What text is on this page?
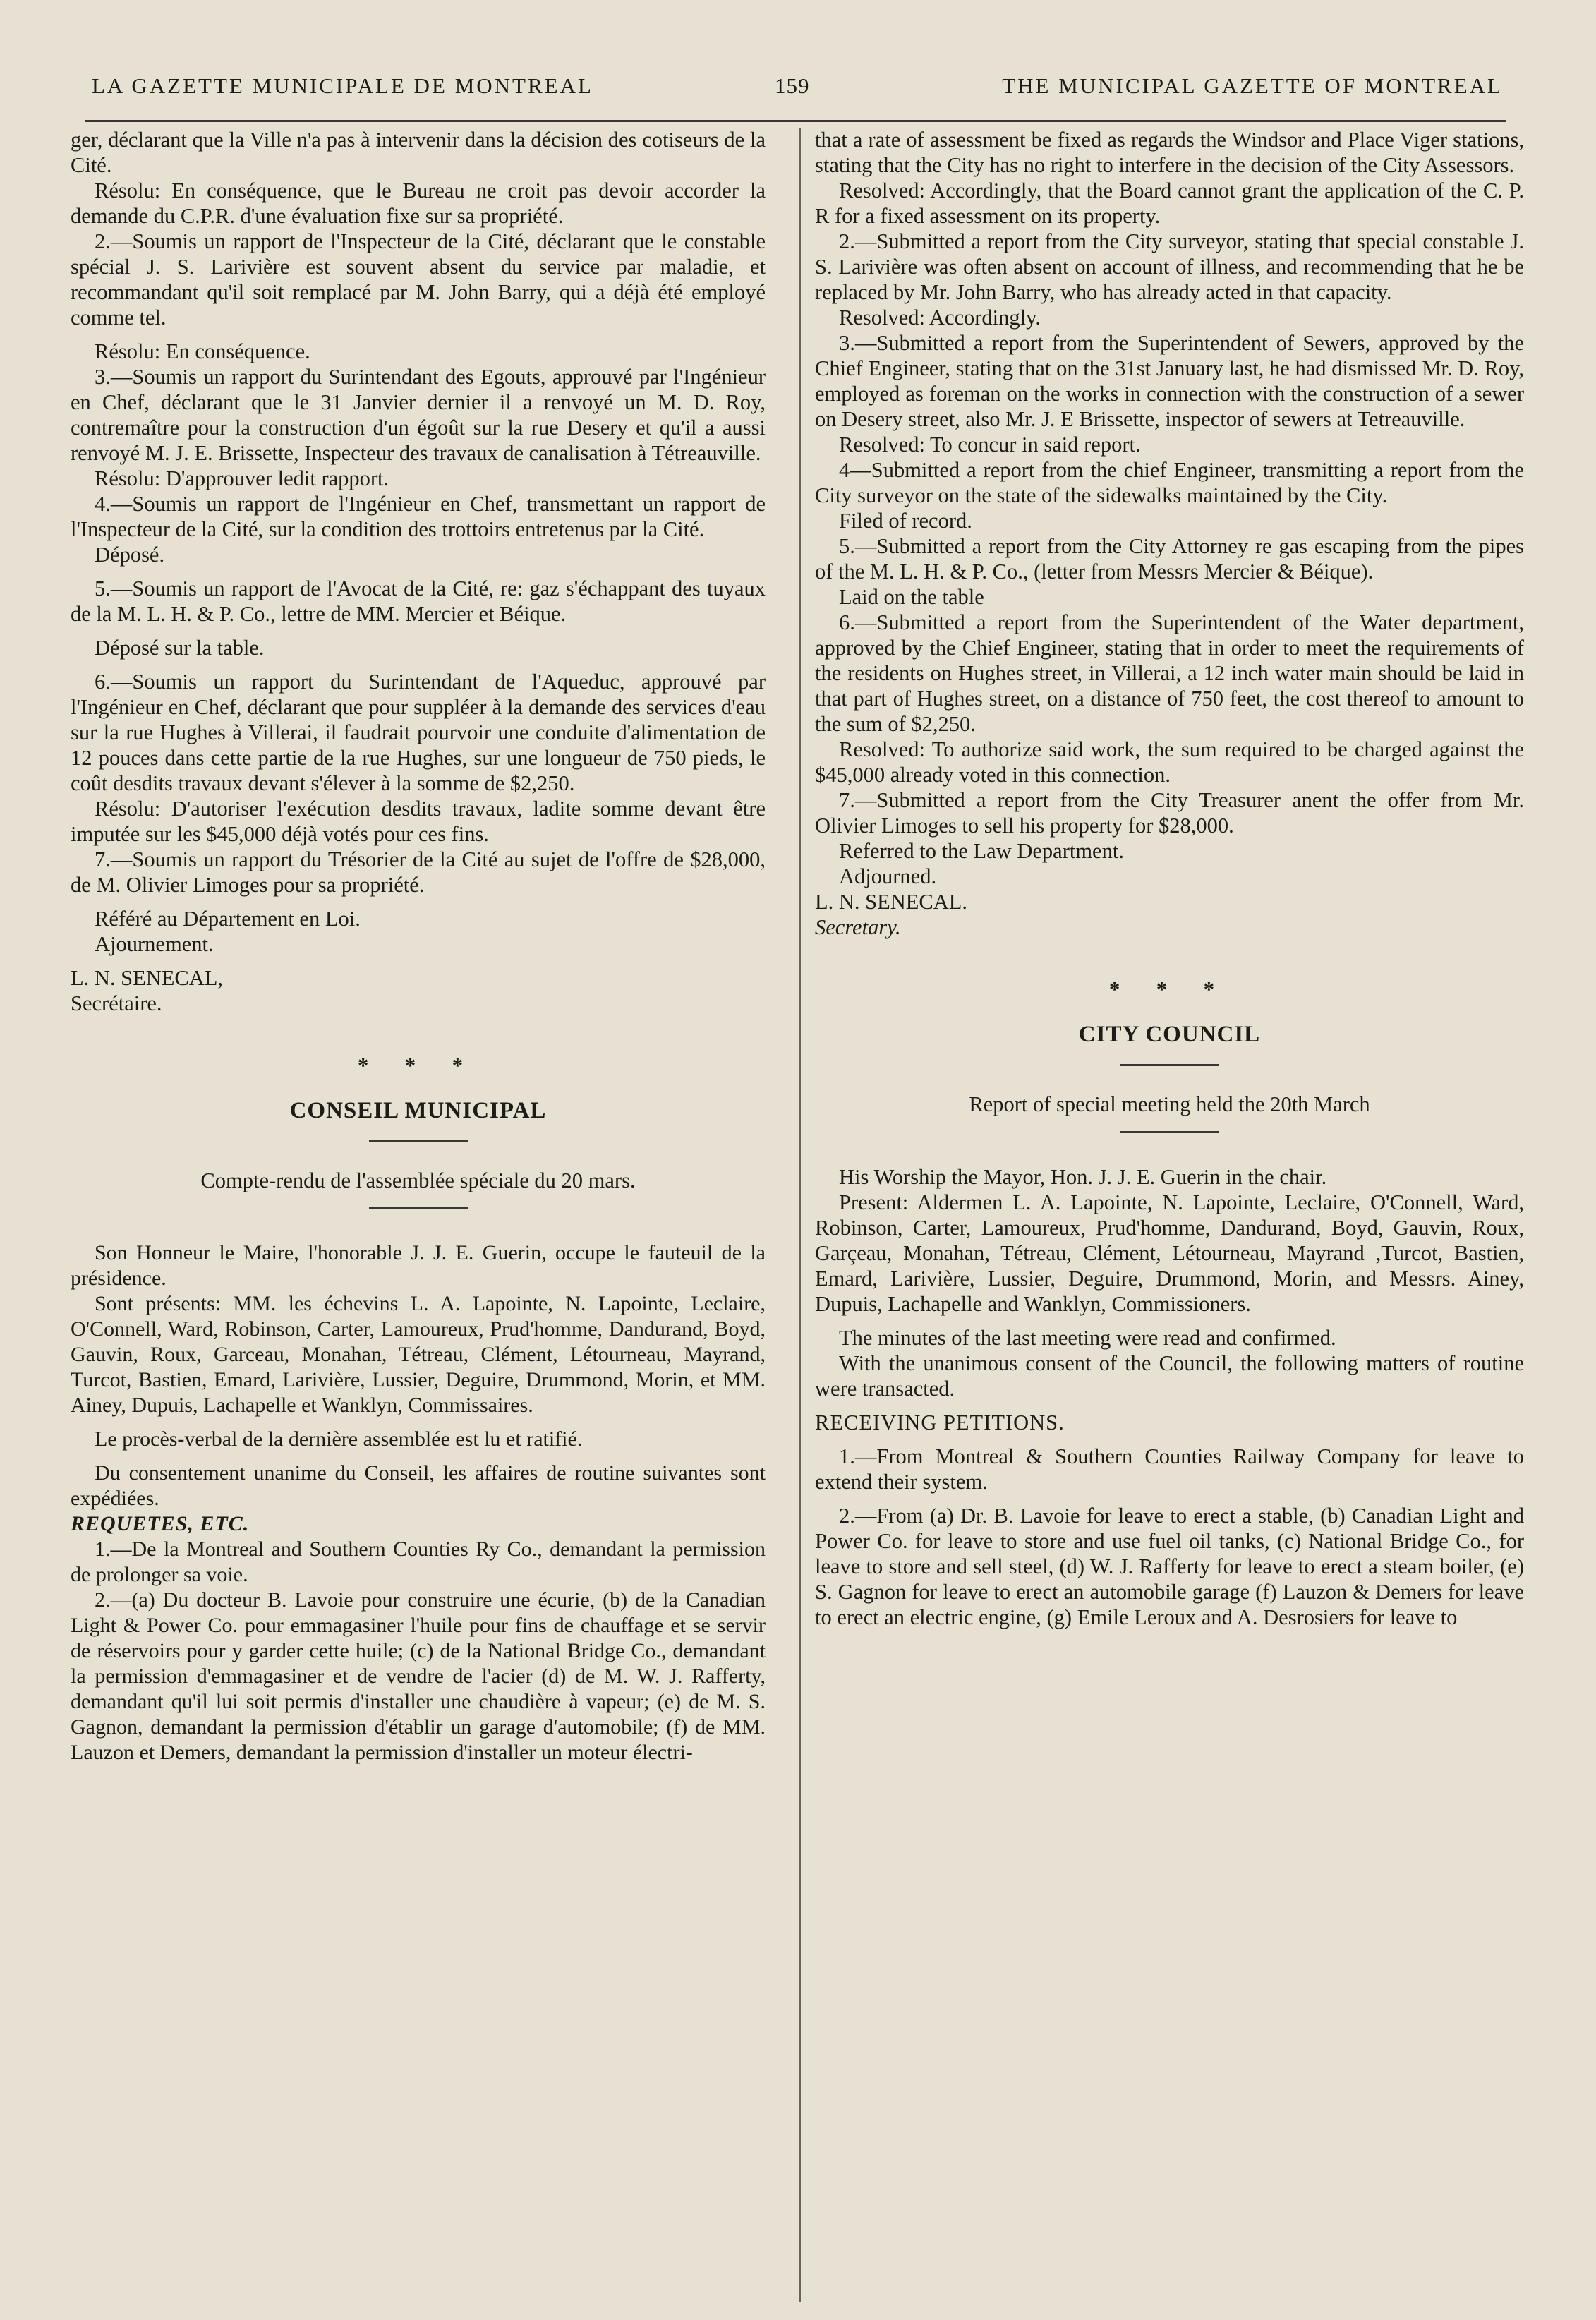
LA GAZETTE MUNICIPALE DE MONTREAL	159	THE MUNICIPAL GAZETTE OF MONTREAL

ger, déclarant que la Ville n'a pas à intervenir dans la décision des cotiseurs de la Cité.

Résolu: En conséquence, que le Bureau ne croit pas devoir accorder la demande du C.P.R. d'une évaluation fixe sur sa propriété.

2.—Soumis un rapport de l'Inspecteur de la Cité, déclarant que le constable spécial J. S. Larivière est souvent absent du service par maladie, et recommandant qu'il soit remplacé par M. John Barry, qui a déjà été employé comme tel.

Résolu: En conséquence.

3.—Soumis un rapport du Surintendant des Egouts, approuvé par l'Ingénieur en Chef, déclarant que le 31 Janvier dernier il a renvoyé un M. D. Roy, contremaître pour la construction d'un égoût sur la rue Desery et qu'il a aussi renvoyé M. J. E. Brissette, Inspecteur des travaux de canalisation à Tétreauville.

Résolu: D'approuver ledit rapport.

4.—Soumis un rapport de l'Ingénieur en Chef, transmettant un rapport de l'Inspecteur de la Cité, sur la condition des trottoirs entretenus par la Cité.

Déposé.

5.—Soumis un rapport de l'Avocat de la Cité, re: gaz s'échappant des tuyaux de la M. L. H. & P. Co., lettre de MM. Mercier et Béique.

Déposé sur la table.

6.—Soumis un rapport du Surintendant de l'Aqueduc, approuvé par l'Ingénieur en Chef, déclarant que pour suppléer à la demande des services d'eau sur la rue Hughes à Villerai, il faudrait pourvoir une conduite d'alimentation de 12 pouces dans cette partie de la rue Hughes, sur une longueur de 750 pieds, le coût desdits travaux devant s'élever à la somme de $2,250.

Résolu: D'autoriser l'exécution desdits travaux, ladite somme devant être imputée sur les $45,000 déjà votés pour ces fins.

7.—Soumis un rapport du Trésorier de la Cité au sujet de l'offre de $28,000, de M. Olivier Limoges pour sa propriété.

Référé au Département en Loi.

Ajournement.

L. N. SENECAL,

Secrétaire.

* * *
CONSEIL MUNICIPAL
Compte-rendu de l'assemblée spéciale du 20 mars.

Son Honneur le Maire, l'honorable J. J. E. Guerin, occupe le fauteuil de la présidence.

Sont présents: MM. les échevins L. A. Lapointe, N. Lapointe, Leclaire, O'Connell, Ward, Robinson, Carter, Lamoureux, Prud'homme, Dandurand, Boyd, Gauvin, Roux, Garceau, Monahan, Tétreau, Clément, Létourneau, Mayrand, Turcot, Bastien, Emard, Larivière, Lussier, Deguire, Drummond, Morin, et MM. Ainey, Dupuis, Lachapelle et Wanklyn, Commissaires.

Le procès-verbal de la dernière assemblée est lu et ratifié.

Du consentement unanime du Conseil, les affaires de routine suivantes sont expédiées.

REQUETES, ETC.

1.—De la Montreal and Southern Counties Ry Co., demandant la permission de prolonger sa voie.

2.—(a) Du docteur B. Lavoie pour construire une écurie, (b) de la Canadian Light & Power Co. pour emmagasiner l'huile pour fins de chauffage et se servir de réservoirs pour y garder cette huile; (c) de la National Bridge Co., demandant la permission d'emmagasiner et de vendre de l'acier (d) de M. W. J. Rafferty, demandant qu'il lui soit permis d'installer une chaudière à vapeur; (e) de M. S. Gagnon, demandant la permission d'établir un garage d'automobile; (f) de MM. Lauzon et Demers, demandant la permission d'installer un moteur électri-

that a rate of assessment be fixed as regards the Windsor and Place Viger stations, stating that the City has no right to interfere in the decision of the City Assessors.

Resolved: Accordingly, that the Board cannot grant the application of the C. P. R for a fixed assessment on its property.

2.—Submitted a report from the City surveyor, stating that special constable J. S. Larivière was often absent on account of illness, and recommending that he be replaced by Mr. John Barry, who has already acted in that capacity.

Resolved: Accordingly.

3.—Submitted a report from the Superintendent of Sewers, approved by the Chief Engineer, stating that on the 31st January last, he had dismissed Mr. D. Roy, employed as foreman on the works in connection with the construction of a sewer on Desery street, also Mr. J. E Brissette, inspector of sewers at Tetreauville.

Resolved: To concur in said report.

4—Submitted a report from the chief Engineer, transmitting a report from the City surveyor on the state of the sidewalks maintained by the City.

Filed of record.

5.—Submitted a report from the City Attorney re gas escaping from the pipes of the M. L. H. & P. Co., (letter from Messrs Mercier & Béique).

Laid on the table

6.—Submitted a report from the Superintendent of the Water department, approved by the Chief Engineer, stating that in order to meet the requirements of the residents on Hughes street, in Villerai, a 12 inch water main should be laid in that part of Hughes street, on a distance of 750 feet, the cost thereof to amount to the sum of $2,250.

Resolved: To authorize said work, the sum required to be charged against the $45,000 already voted in this connection.

7.—Submitted a report from the City Treasurer anent the offer from Mr. Olivier Limoges to sell his property for $28,000.

Referred to the Law Department.

Adjourned.

L. N. SENECAL.

Secretary.

* * *
CITY COUNCIL
Report of special meeting held the 20th March

His Worship the Mayor, Hon. J. J. E. Guerin in the chair.

Present: Aldermen L. A. Lapointe, N. Lapointe, Leclaire, O'Connell, Ward, Robinson, Carter, Lamoureux, Prud'homme, Dandurand, Boyd, Gauvin, Roux, Garçeau, Monahan, Tétreau, Clément, Létourneau, Mayrand ,Turcot, Bastien, Emard, Larivière, Lussier, Deguire, Drummond, Morin, and Messrs. Ainey, Dupuis, Lachapelle and Wanklyn, Commissioners.

The minutes of the last meeting were read and confirmed.

With the unanimous consent of the Council, the following matters of routine were transacted.

RECEIVING PETITIONS.

1.—From Montreal & Southern Counties Railway Company for leave to extend their system.

2.—From (a) Dr. B. Lavoie for leave to erect a stable, (b) Canadian Light and Power Co. for leave to store and use fuel oil tanks, (c) National Bridge Co., for leave to store and sell steel, (d) W. J. Rafferty for leave to erect a steam boiler, (e) S. Gagnon for leave to erect an automobile garage (f) Lauzon & Demers for leave to erect an electric engine, (g) Emile Leroux and A. Desrosiers for leave to
